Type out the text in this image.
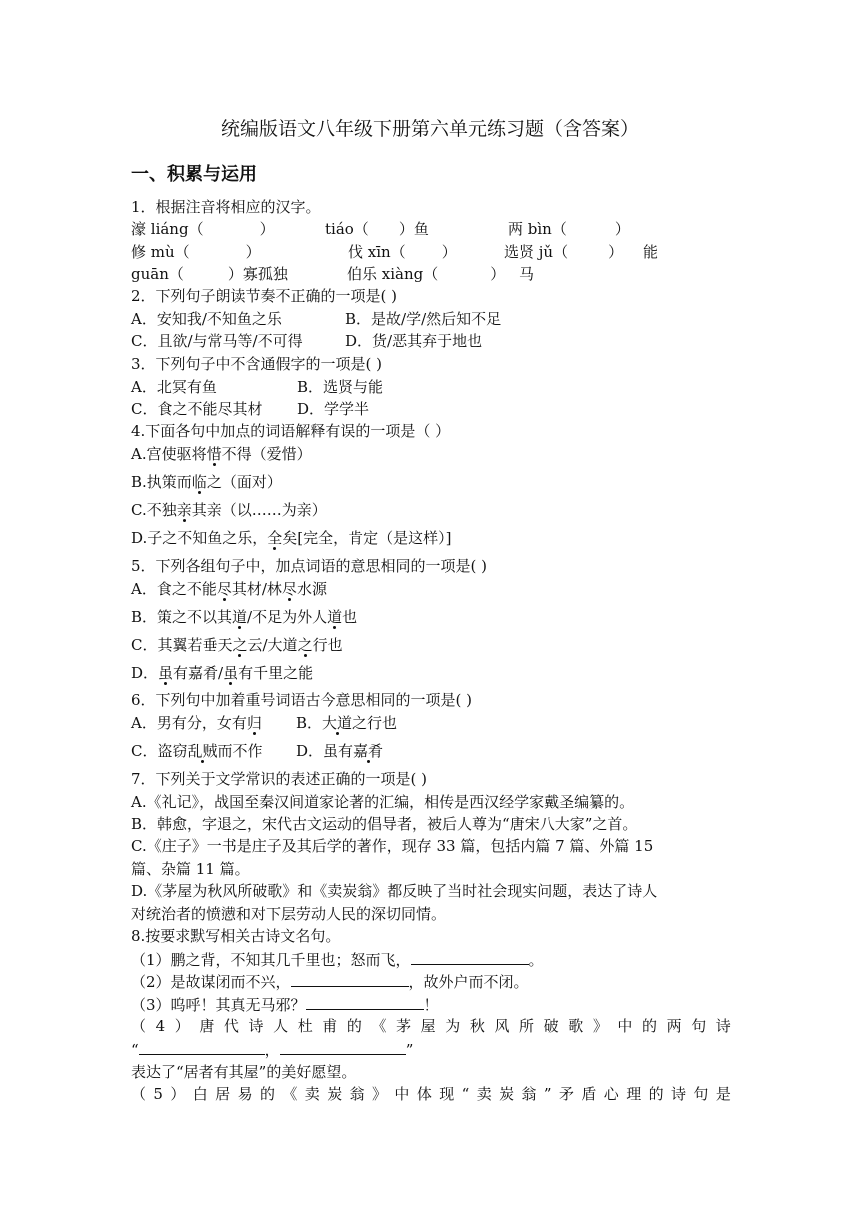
统编版语文八年级下册第六单元练习题（含答案）
一、积累与运用
1．根据注音将相应的汉字。
濠 liáng（	）	tiáo（ ）鱼	两 bìn（	）
修 mù（	）	伐 xīn（ ）	选贤 jǔ（	） 能
guān（	）寡孤独	伯乐 xiàng（	） 马
2．下列句子朗读节奏不正确的一项是( )
A．安知我/不知鱼之乐	B．是故/学/然后知不足
C．且欲/与常马等/不可得	D．货/恶其弃于地也
3．下列句子中不含通假字的一项是( )
A．北冥有鱼	B．选贤与能
C．食之不能尽其材 D．学学半
4.下面各句中加点的词语解释有误的一项是（ ）
A.宫使驱将惜不得（爱惜）
B.执策而临之（面对）
C.不独亲其亲（以……为亲）
D.子之不知鱼之乐，全矣[完全，肯定（是这样）]
5．下列各组句子中，加点词语的意思相同的一项是( )
A．食之不能尽其材/林尽水源
B．策之不以其道/不足为外人道也
C．其翼若垂天之云/大道之行也
D．虽有嘉肴/虽有千里之能
6．下列句中加着重号词语古今意思相同的一项是( )
A．男有分，女有归 B．大道之行也
C．盗窃乱贼而不作 D．虽有嘉肴
7．下列关于文学常识的表述正确的一项是( )
A.《礼记》，战国至秦汉间道家论著的汇编，相传是西汉经学家戴圣编纂的。
B．韩愈，字退之，宋代古文运动的倡导者，被后人尊为“唐宋八大家”之首。
C.《庄子》一书是庄子及其后学的著作，现存 33 篇，包括内篇 7 篇、外篇 15
篇、杂篇 11 篇。
D.《茅屋为秋风所破歌》和《卖炭翁》都反映了当时社会现实问题，表达了诗人
对统治者的愤懑和对下层劳动人民的深切同情。
8.按要求默写相关古诗文名句。
（1）鹏之背，不知其几千里也；怒而飞，	。
（2）是故谋闭而不兴，	，故外户而不闭。
（3）呜呼！其真无马邪？	！
（ 4 ） 唐 代 诗 人 杜 甫 的 《 茅 屋 为 秋 风 所 破 歌 》 中 的 两 句 诗
“	，	”
表达了“居者有其屋”的美好愿望。
（ 5 ） 白 居 易 的 《 卖 炭 翁 》 中 体 现 “ 卖 炭 翁 ” 矛 盾 心 理 的 诗 句 是
